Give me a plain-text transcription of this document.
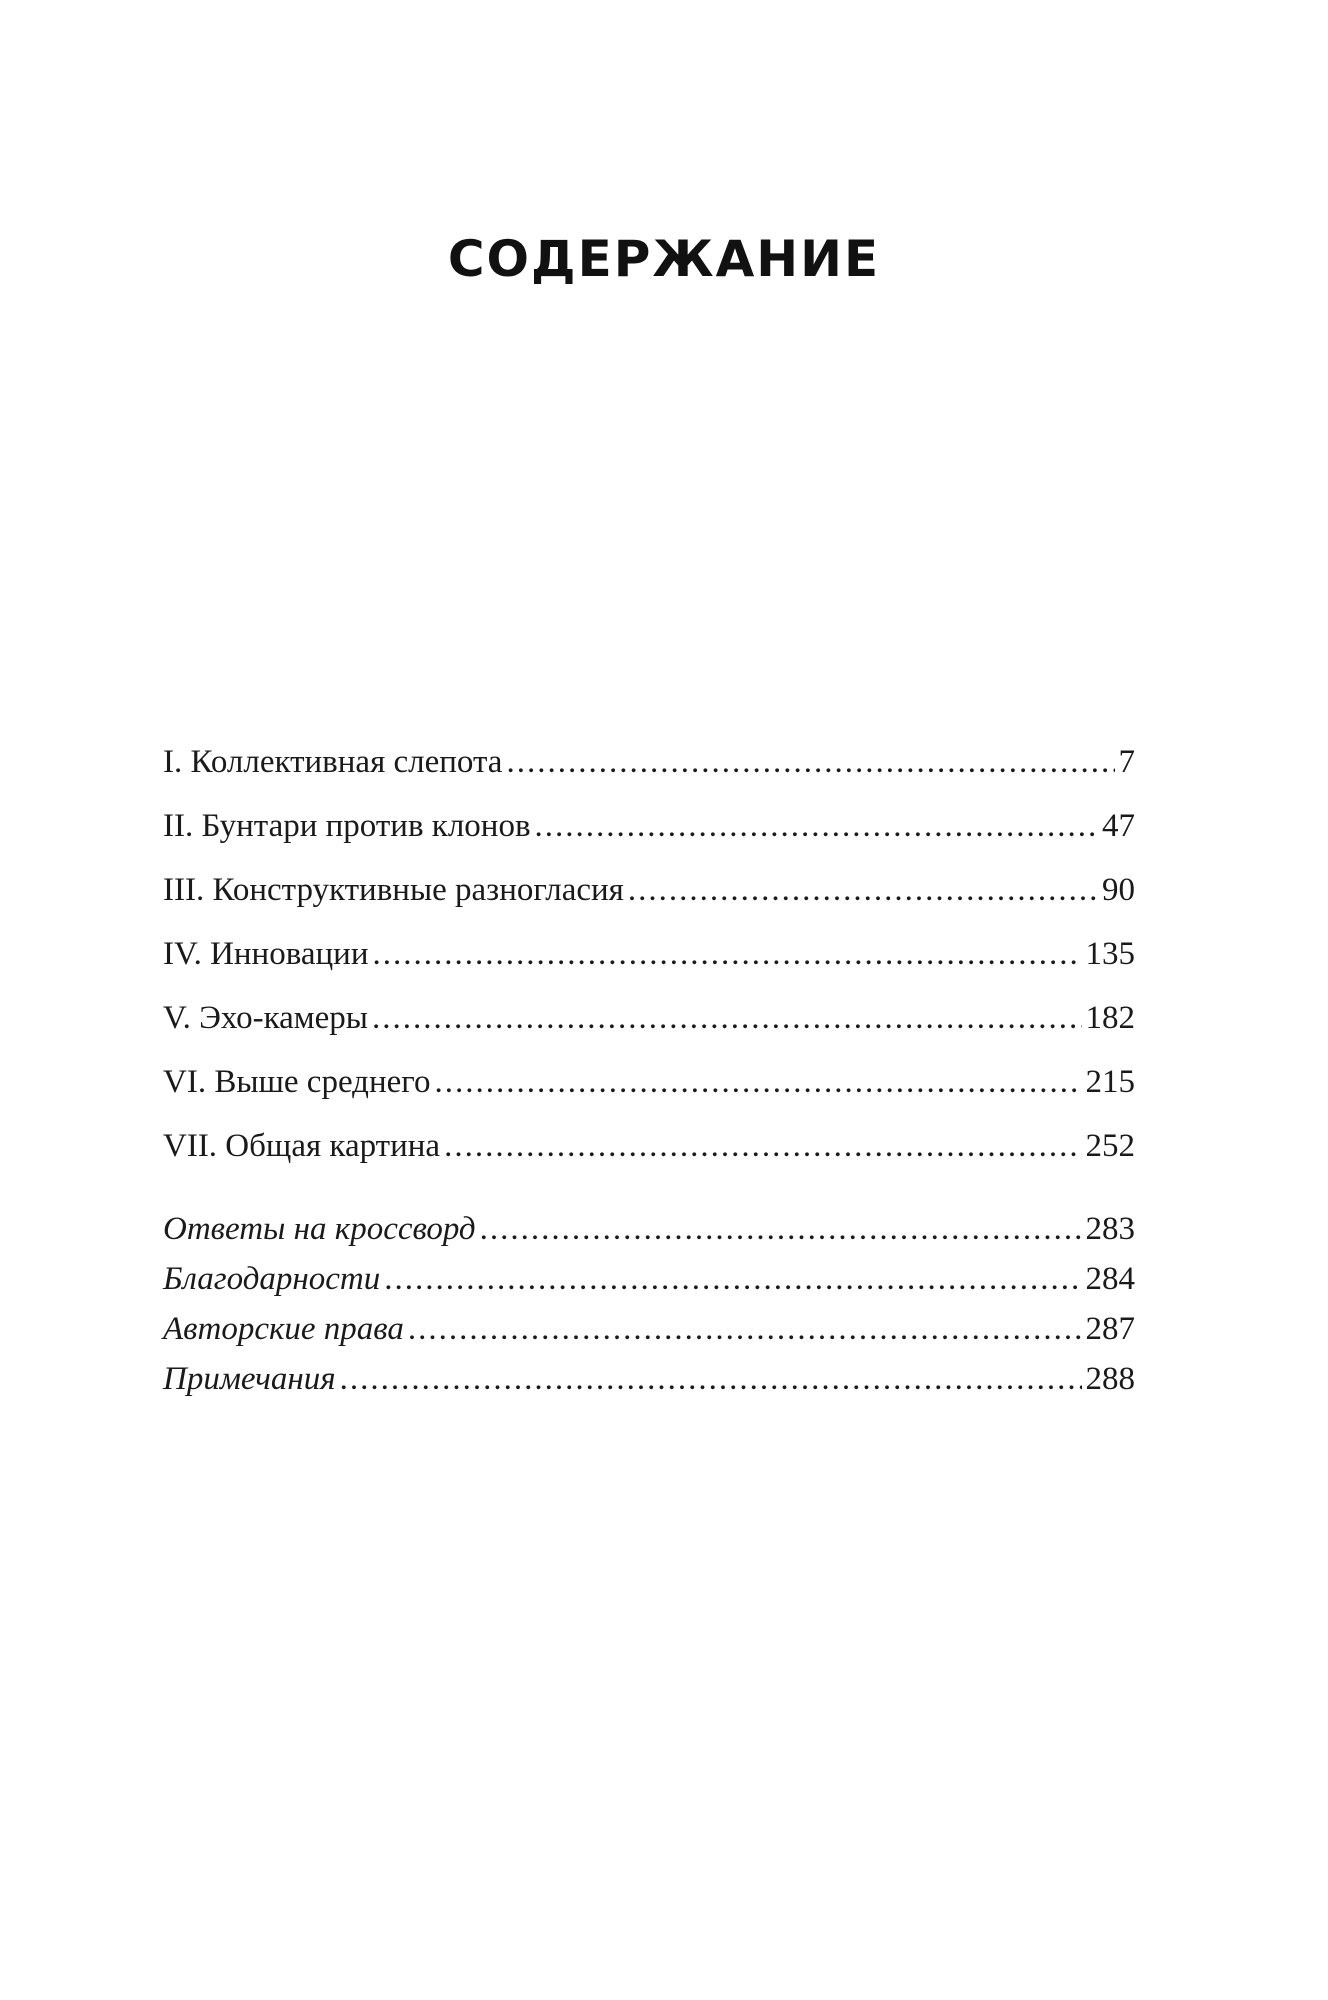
СОДЕРЖАНИЕ
I. Коллективная слепота .....	7
II. Бунтари против клонов .....	47
III. Конструктивные разногласия .....	90
IV. Инновации .....	135
V. Эхо-камеры .....	182
VI. Выше среднего .....	215
VII. Общая картина .....	252
Ответы на кроссворд .....	283
Благодарности .....	284
Авторские права .....	287
Примечания .....	288
